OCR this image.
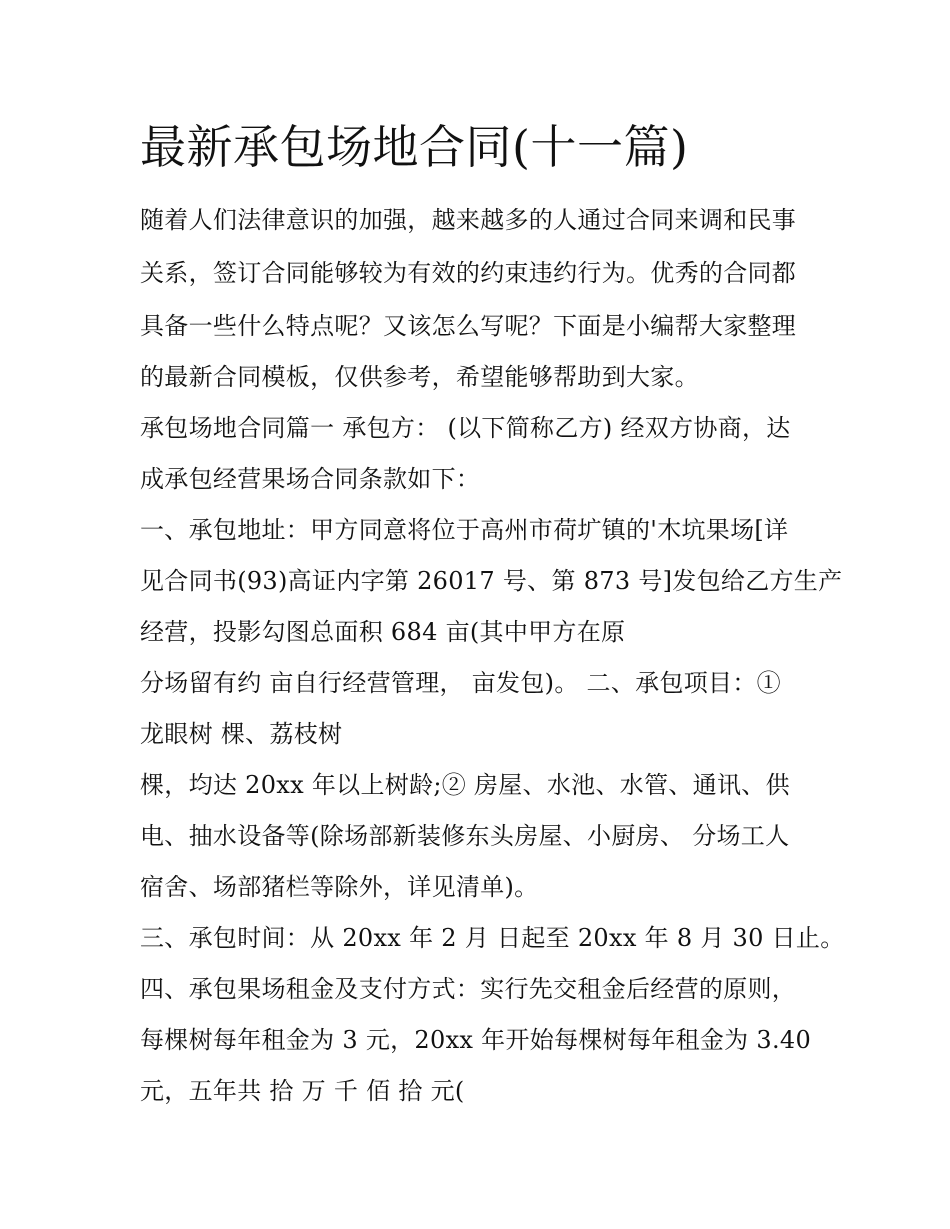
最新承包场地合同(十一篇)

随着人们法律意识的加强，越来越多的人通过合同来调和民事

关系，签订合同能够较为有效的约束违约行为。优秀的合同都

具备一些什么特点呢？又该怎么写呢？下面是小编帮大家整理

的最新合同模板，仅供参考，希望能够帮助到大家。

承包场地合同篇一 承包方： (以下简称乙方) 经双方协商，达

成承包经营果场合同条款如下：

一、承包地址：甲方同意将位于高州市荷圹镇的'木坑果场[详

见合同书(93)高证内字第 26017 号、第 873 号]发包给乙方生产

经营，投影勾图总面积 684 亩(其中甲方在原

分场留有约 亩自行经营管理， 亩发包)。 二、承包项目：①

龙眼树 棵、荔枝树

棵，均达 20xx 年以上树龄;② 房屋、水池、水管、通讯、供

电、抽水设备等(除场部新装修东头房屋、小厨房、 分场工人

宿舍、场部猪栏等除外，详见清单)。

三、承包时间：从 20xx 年 2 月 日起至 20xx 年 8 月 30 日止。

四、承包果场租金及支付方式：实行先交租金后经营的原则，

每棵树每年租金为 3 元，20xx 年开始每棵树每年租金为 3.40

元，五年共 拾 万 千 佰 拾 元(
